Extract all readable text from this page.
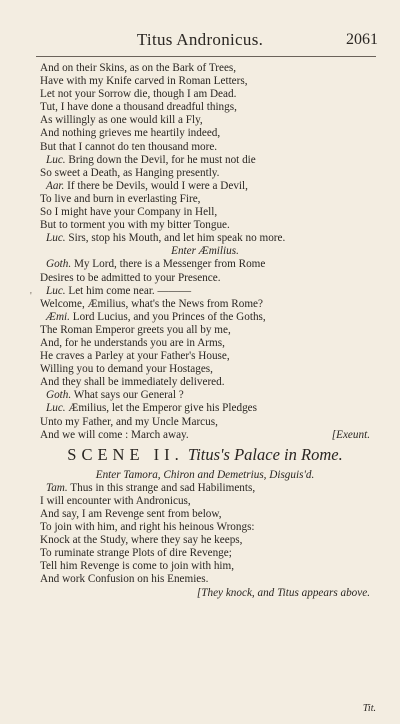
Titus Andronicus.	2061
'
And on their Skins, as on the Bark of Trees,
Have with my Knife carved in Roman Letters,
Let not your Sorrow die, though I am Dead.
Tut, I have done a thousand dreadful things,
As willingly as one would kill a Fly,
And nothing grieves me heartily indeed,
But that I cannot do ten thousand more.
Luc. Bring down the Devil, for he must not die
So sweet a Death, as Hanging presently.
Aar. If there be Devils, would I were a Devil,
To live and burn in everlasting Fire,
So I might have your Company in Hell,
But to torment you with my bitter Tongue.
Luc. Sirs, stop his Mouth, and let him speak no more.
Enter Æmilius.
Goth. My Lord, there is a Messenger from Rome
Desires to be admitted to your Presence.
Luc. Let him come near. ———
Welcome, Æmilius, what's the News from Rome?
Æmi. Lord Lucius, and you Princes of the Goths,
The Roman Emperor greets you all by me,
And, for he understands you are in Arms,
He craves a Parley at your Father's House,
Willing you to demand your Hostages,
And they shall be immediately delivered.
Goth. What says our General ?
Luc. Æmilius, let the Emperor give his Pledges
Unto my Father, and my Uncle Marcus,
And we will come : March away.	[Exeunt.
SCENE II. Titus's Palace in Rome.
Enter Tamora, Chiron and Demetrius, Disguis'd.
Tam. Thus in this strange and sad Habiliments,
I will encounter with Andronicus,
And say, I am Revenge sent from below,
To join with him, and right his heinous Wrongs:
Knock at the Study, where they say he keeps,
To ruminate strange Plots of dire Revenge;
Tell him Revenge is come to join with him,
And work Confusion on his Enemies.
[They knock, and Titus appears above.
Tit.
